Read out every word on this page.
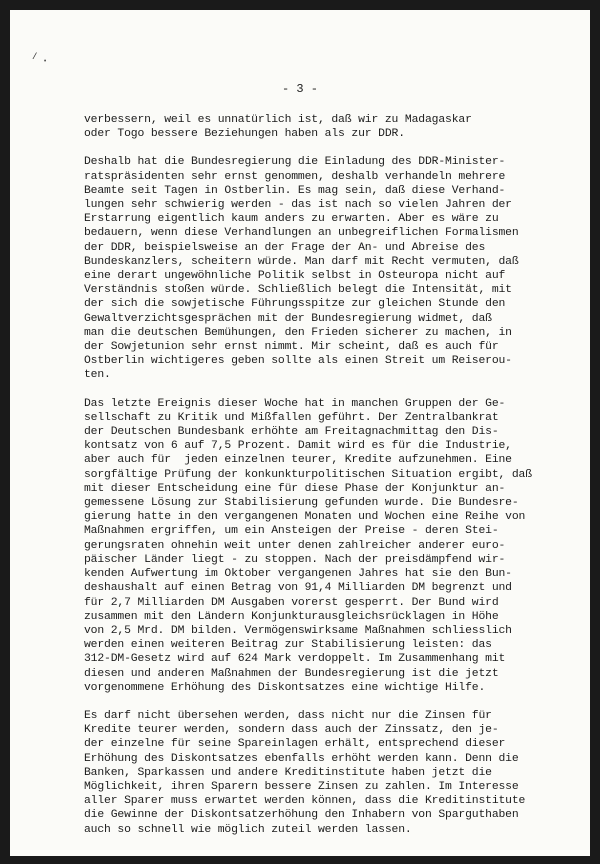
/ •
- 3 -
verbessern, weil es unnatürlich ist, daß wir zu Madagaskar
oder Togo bessere Beziehungen haben als zur DDR.
Deshalb hat die Bundesregierung die Einladung des DDR-Minister-
ratspräsidenten sehr ernst genommen, deshalb verhandeln mehrere
Beamte seit Tagen in Ostberlin. Es mag sein, daß diese Verhand-
lungen sehr schwierig werden - das ist nach so vielen Jahren der
Erstarrung eigentlich kaum anders zu erwarten. Aber es wäre zu
bedauern, wenn diese Verhandlungen an unbegreiflichen Formalismen
der DDR, beispielsweise an der Frage der An- und Abreise des
Bundeskanzlers, scheitern würde. Man darf mit Recht vermuten, daß
eine derart ungewöhnliche Politik selbst in Osteuropa nicht auf
Verständnis stoßen würde. Schließlich belegt die Intensität, mit
der sich die sowjetische Führungsspitze zur gleichen Stunde den
Gewaltverzichtsgesprächen mit der Bundesregierung widmet, daß
man die deutschen Bemühungen, den Frieden sicherer zu machen, in
der Sowjetunion sehr ernst nimmt. Mir scheint, daß es auch für
Ostberlin wichtigeres geben sollte als einen Streit um Reiserou-
ten.
Das letzte Ereignis dieser Woche hat in manchen Gruppen der Ge-
sellschaft zu Kritik und Mißfallen geführt. Der Zentralbankrat
der Deutschen Bundesbank erhöhte am Freitagnachmittag den Dis-
kontsatz von 6 auf 7,5 Prozent. Damit wird es für die Industrie,
aber auch für  jeden einzelnen teurer, Kredite aufzunehmen. Eine
sorgfältige Prüfung der konkunkturpolitischen Situation ergibt, daß
mit dieser Entscheidung eine für diese Phase der Konjunktur an-
gemessene Lösung zur Stabilisierung gefunden wurde. Die Bundesre-
gierung hatte in den vergangenen Monaten und Wochen eine Reihe von
Maßnahmen ergriffen, um ein Ansteigen der Preise - deren Stei-
gerungsraten ohnehin weit unter denen zahlreicher anderer euro-
päischer Länder liegt - zu stoppen. Nach der preisdämpfend wir-
kenden Aufwertung im Oktober vergangenen Jahres hat sie den Bun-
deshaushalt auf einen Betrag von 91,4 Milliarden DM begrenzt und
für 2,7 Milliarden DM Ausgaben vorerst gesperrt. Der Bund wird
zusammen mit den Ländern Konjunkturausgleichsrücklagen in Höhe
von 2,5 Mrd. DM bilden. Vermögenswirksame Maßnahmen schliesslich
werden einen weiteren Beitrag zur Stabilisierung leisten: das
312-DM-Gesetz wird auf 624 Mark verdoppelt. Im Zusammenhang mit
diesen und anderen Maßnahmen der Bundesregierung ist die jetzt
vorgenommene Erhöhung des Diskontsatzes eine wichtige Hilfe.
Es darf nicht übersehen werden, dass nicht nur die Zinsen für
Kredite teurer werden, sondern dass auch der Zinssatz, den je-
der einzelne für seine Spareinlagen erhält, entsprechend dieser
Erhöhung des Diskontsatzes ebenfalls erhöht werden kann. Denn die
Banken, Sparkassen und andere Kreditinstitute haben jetzt die
Möglichkeit, ihren Sparern bessere Zinsen zu zahlen. Im Interesse
aller Sparer muss erwartet werden können, dass die Kreditinstitute
die Gewinne der Diskontsatzerhöhung den Inhabern von Sparguthaben
auch so schnell wie möglich zuteil werden lassen.
